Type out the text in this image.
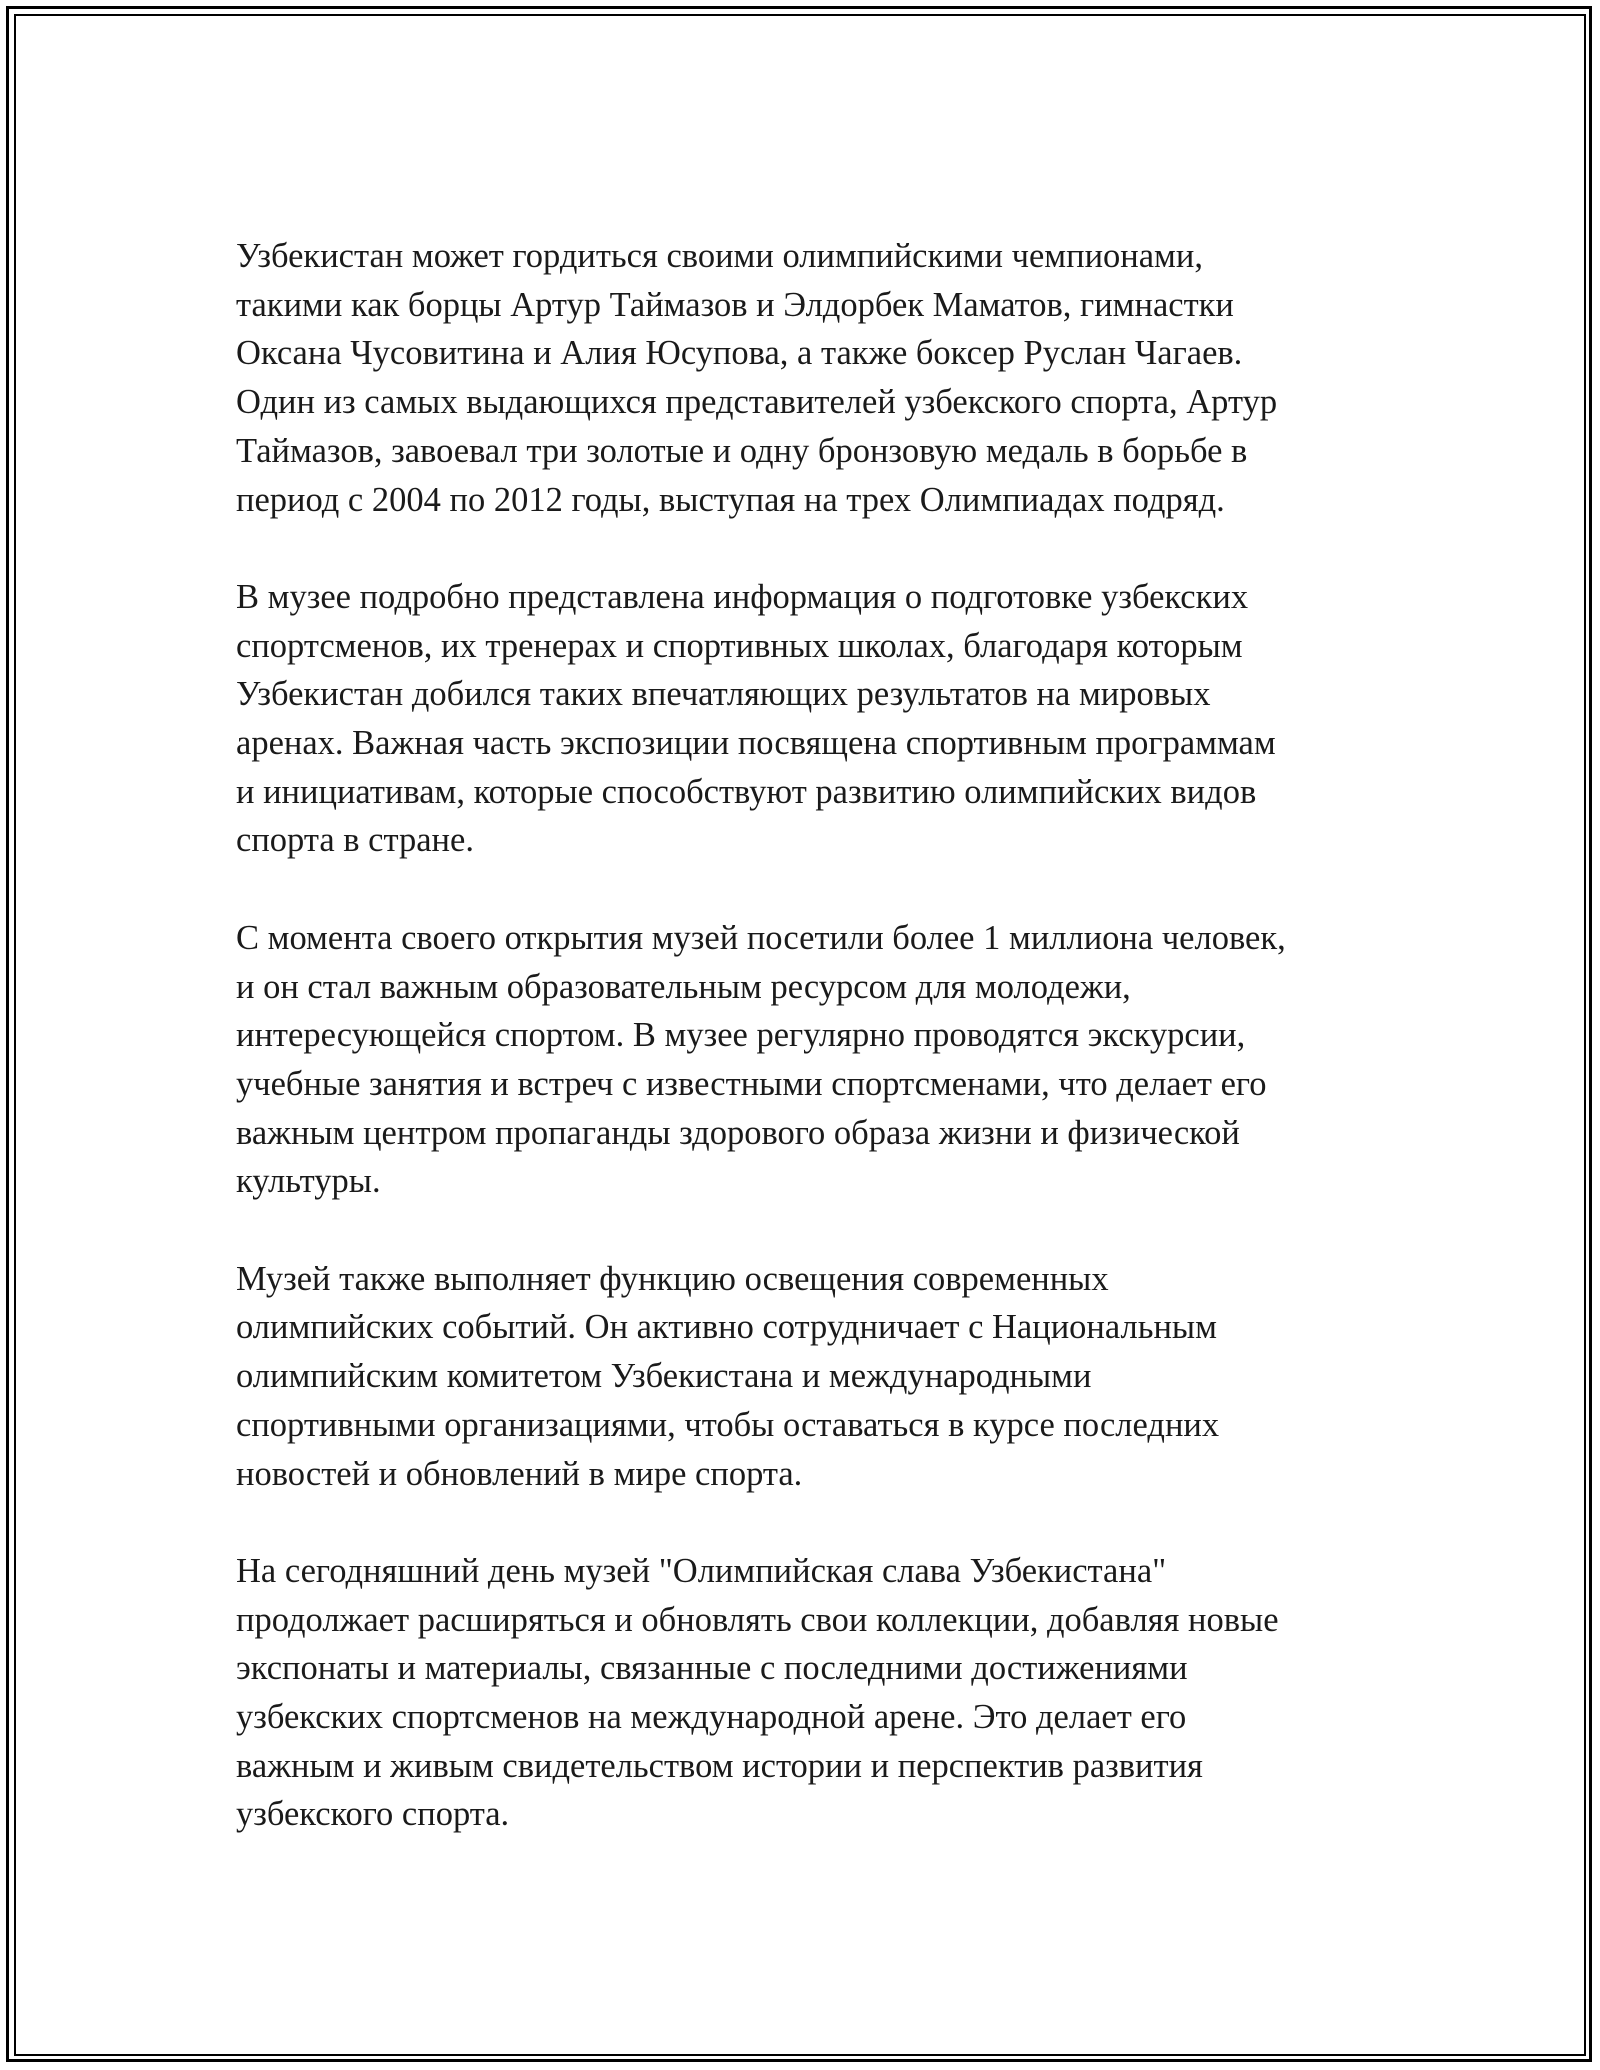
Узбекистан может гордиться своими олимпийскими чемпионами,
такими как борцы Артур Таймазов и Элдорбек Маматов, гимнастки
Оксана Чусовитина и Алия Юсупова, а также боксер Руслан Чагаев.
Один из самых выдающихся представителей узбекского спорта, Артур
Таймазов, завоевал три золотые и одну бронзовую медаль в борьбе в
период с 2004 по 2012 годы, выступая на трех Олимпиадах подряд.

В музее подробно представлена информация о подготовке узбекских
спортсменов, их тренерах и спортивных школах, благодаря которым
Узбекистан добился таких впечатляющих результатов на мировых
аренах. Важная часть экспозиции посвящена спортивным программам
и инициативам, которые способствуют развитию олимпийских видов
спорта в стране.

С момента своего открытия музей посетили более 1 миллиона человек,
и он стал важным образовательным ресурсом для молодежи,
интересующейся спортом. В музее регулярно проводятся экскурсии,
учебные занятия и встреч с известными спортсменами, что делает его
важным центром пропаганды здорового образа жизни и физической
культуры.

Музей также выполняет функцию освещения современных
олимпийских событий. Он активно сотрудничает с Национальным
олимпийским комитетом Узбекистана и международными
спортивными организациями, чтобы оставаться в курсе последних
новостей и обновлений в мире спорта.

На сегодняшний день музей "Олимпийская слава Узбекистана"
продолжает расширяться и обновлять свои коллекции, добавляя новые
экспонаты и материалы, связанные с последними достижениями
узбекских спортсменов на международной арене. Это делает его
важным и живым свидетельством истории и перспектив развития
узбекского спорта.
